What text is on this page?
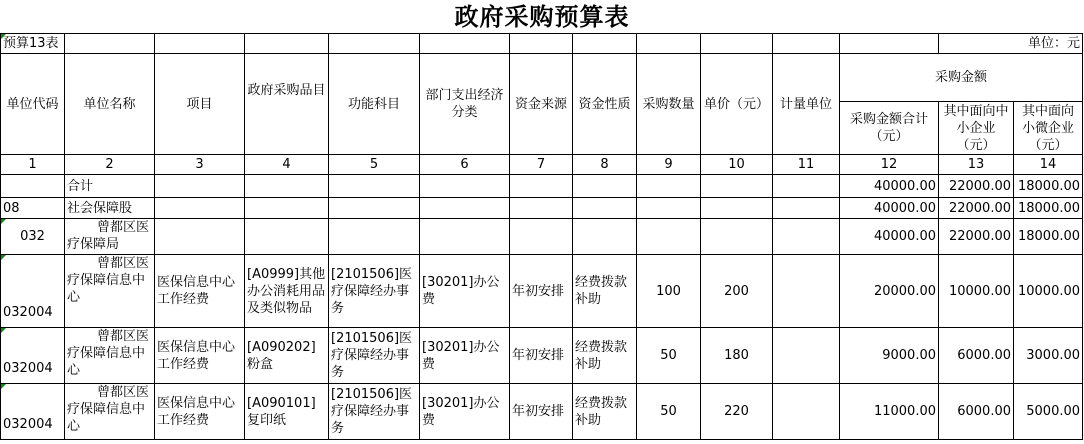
政府采购预算表
预算13表												单位：元	
单位代码	单位名称	项目	政府采购品目	功能科目	部门支出经济分类	资金来源	资金性质	采购数量	单价（元）	计量单位	采购金额		
											采购金额合计（元）	其中面向中小企业（元）	其中面向小微企业（元）
1	2	3	4	5	6	7	8	9	10	11	12	13	14
	合计										40000.00	22000.00	18000.00
08	社会保障股										40000.00	22000.00	18000.00
032	曾都区医疗保障局										40000.00	22000.00	18000.00
032004	曾都区医疗保障信息中心	医保信息中心工作经费	[A0999]其他办公消耗用品及类似物品	[2101506]医疗保障经办事务	[30201]办公费	年初安排	经费拨款补助	100	200		20000.00	10000.00	10000.00
032004	曾都区医疗保障信息中心	医保信息中心工作经费	[A090202]粉盒	[2101506]医疗保障经办事务	[30201]办公费	年初安排	经费拨款补助	50	180		9000.00	6000.00	3000.00
032004	曾都区医疗保障信息中心	医保信息中心工作经费	[A090101]复印纸	[2101506]医疗保障经办事务	[30201]办公费	年初安排	经费拨款补助	50	220		11000.00	6000.00	5000.00
